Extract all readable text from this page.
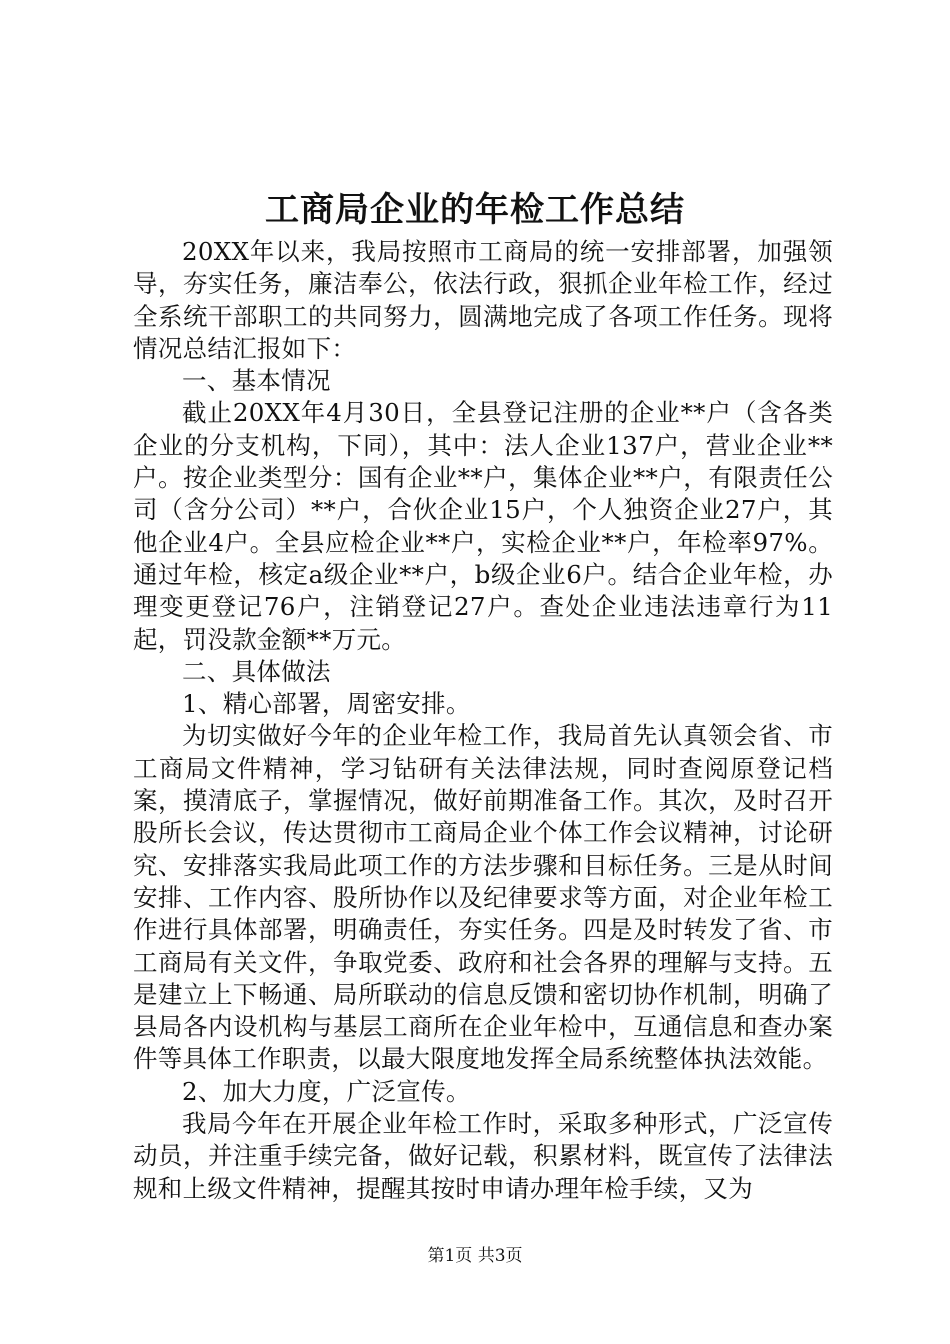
工商局企业的年检工作总结

20XX年以来，我局按照市工商局的统一安排部署，加强领导，夯实任务，廉洁奉公，依法行政，狠抓企业年检工作，经过全系统干部职工的共同努力，圆满地完成了各项工作任务。现将情况总结汇报如下：

一、基本情况

截止20XX年4月30日，全县登记注册的企业**户（含各类企业的分支机构，下同），其中：法人企业137户，营业企业**户。按企业类型分：国有企业**户，集体企业**户，有限责任公司（含分公司）**户，合伙企业15户，个人独资企业27户，其他企业4户。全县应检企业**户，实检企业**户，年检率97%。通过年检，核定a级企业**户，b级企业6户。结合企业年检，办理变更登记76户，注销登记27户。查处企业违法违章行为11起，罚没款金额**万元。

二、具体做法

1、精心部署，周密安排。

为切实做好今年的企业年检工作，我局首先认真领会省、市工商局文件精神，学习钻研有关法律法规，同时查阅原登记档案，摸清底子，掌握情况，做好前期准备工作。其次，及时召开股所长会议，传达贯彻市工商局企业个体工作会议精神，讨论研究、安排落实我局此项工作的方法步骤和目标任务。三是从时间安排、工作内容、股所协作以及纪律要求等方面，对企业年检工作进行具体部署，明确责任，夯实任务。四是及时转发了省、市工商局有关文件，争取党委、政府和社会各界的理解与支持。五是建立上下畅通、局所联动的信息反馈和密切协作机制，明确了县局各内设机构与基层工商所在企业年检中，互通信息和查办案件等具体工作职责，以最大限度地发挥全局系统整体执法效能。

2、加大力度，广泛宣传。

我局今年在开展企业年检工作时，采取多种形式，广泛宣传动员，并注重手续完备，做好记载，积累材料，既宣传了法律法规和上级文件精神，提醒其按时申请办理年检手续，又为

第1页 共3页
